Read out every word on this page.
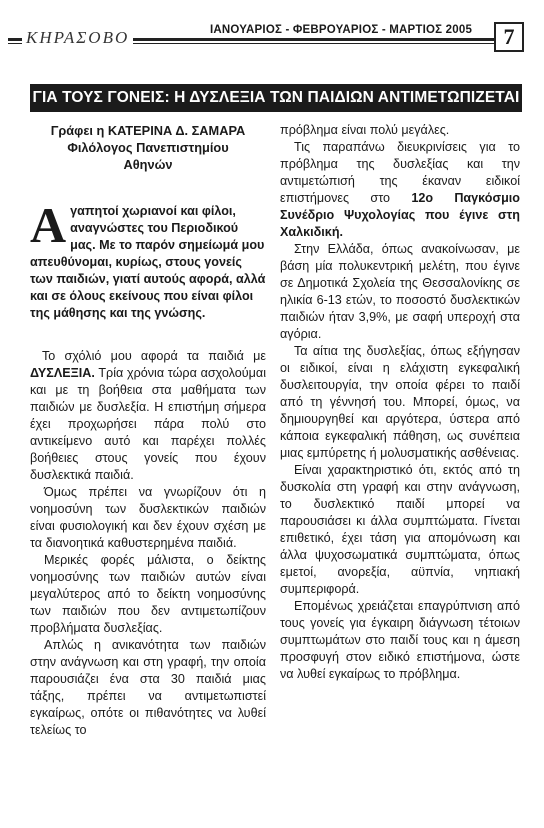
ΚΗΡΑΣΟΒΟ	ΙΑΝΟΥΑΡΙΟΣ - ΦΕΒΡΟΥΑΡΙΟΣ - ΜΑΡΤΙΟΣ 2005	7
ΓΙΑ ΤΟΥΣ ΓΟΝΕΙΣ: Η ΔΥΣΛΕΞΙΑ ΤΩΝ ΠΑΙΔΙΩΝ ΑΝΤΙΜΕΤΩΠΙΖΕΤΑΙ

Γράφει η ΚΑΤΕΡΙΝΑ Δ. ΣΑΜΑΡΑ

Φιλόλογος Πανεπιστημίου

Αθηνών

Αγαπητοί χωριανοί και φίλοι, αναγνώστες του Περιοδικού μας. Με το παρόν σημείωμά μου απευθύνομαι, κυρίως, στους γονείς των παιδιών, γιατί αυτούς αφορά, αλλά και σε όλους εκείνους που είναι φίλοι της μάθησης και της γνώσης.

Το σχόλιό μου αφορά τα παιδιά με ΔΥΣΛΕΞΙΑ. Τρία χρόνια τώρα ασχολούμαι και με τη βοήθεια στα μαθήματα των παιδιών με δυσλεξία. Η επιστήμη σήμερα έχει προχωρήσει πάρα πολύ στο αντικείμενο αυτό και παρέχει πολλές βοήθειες στους γονείς που έχουν δυσλεκτικά παιδιά.

Όμως πρέπει να γνωρίζουν ότι η νοημοσύνη των δυσλεκτικών παιδιών είναι φυσιολογική και δεν έχουν σχέση με τα διανοητικά καθυστερημένα παιδιά.

Μερικές φορές μάλιστα, ο δείκτης νοημοσύνης των παιδιών αυτών είναι μεγαλύτερος από το δείκτη νοημοσύνης των παιδιών που δεν αντιμετωπίζουν προβλήματα δυσλεξίας.

Απλώς η ανικανότητα των παιδιών στην ανάγνωση και στη γραφή, την οποία παρουσιάζει ένα στα 30 παιδιά μιας τάξης, πρέπει να αντιμετωπιστεί εγκαίρως, οπότε οι πιθανότητες να λυθεί τελείως το

πρόβλημα είναι πολύ μεγάλες.

Τις παραπάνω διευκρινίσεις για το πρόβλημα της δυσλεξίας και την αντιμετώπισή της έκαναν ειδικοί επιστήμονες στο 12ο Παγκόσμιο Συνέδριο Ψυχολογίας που έγινε στη Χαλκιδική.

Στην Ελλάδα, όπως ανακοίνωσαν, με βάση μία πολυκεντρική μελέτη, που έγινε σε Δημοτικά Σχολεία της Θεσσαλονίκης σε ηλικία 6-13 ετών, το ποσοστό δυσλεκτικών παιδιών ήταν 3,9%, με σαφή υπεροχή στα αγόρια.

Τα αίτια της δυσλεξίας, όπως εξήγησαν οι ειδικοί, είναι η ελάχιστη εγκεφαλική δυσλειτουργία, την οποία φέρει το παιδί από τη γέννησή του. Μπορεί, όμως, να δημιουργηθεί και αργότερα, ύστερα από κάποια εγκεφαλική πάθηση, ως συνέπεια μιας εμπύρετης ή μολυσματικής ασθένειας.

Είναι χαρακτηριστικό ότι, εκτός από τη δυσκολία στη γραφή και στην ανάγνωση, το δυσλεκτικό παιδί μπορεί να παρουσιάσει κι άλλα συμπτώματα. Γίνεται επιθετικό, έχει τάση για απομόνωση και άλλα ψυχοσωματικά συμπτώματα, όπως εμετοί, ανορεξία, αϋπνία, νηπιακή συμπεριφορά.

Επομένως χρειάζεται επαγρύπνιση από τους γονείς για έγκαιρη διάγνωση τέτοιων συμπτωμάτων στο παιδί τους και η άμεση προσφυγή στον ειδικό επιστήμονα, ώστε να λυθεί εγκαίρως το πρόβλημα.
